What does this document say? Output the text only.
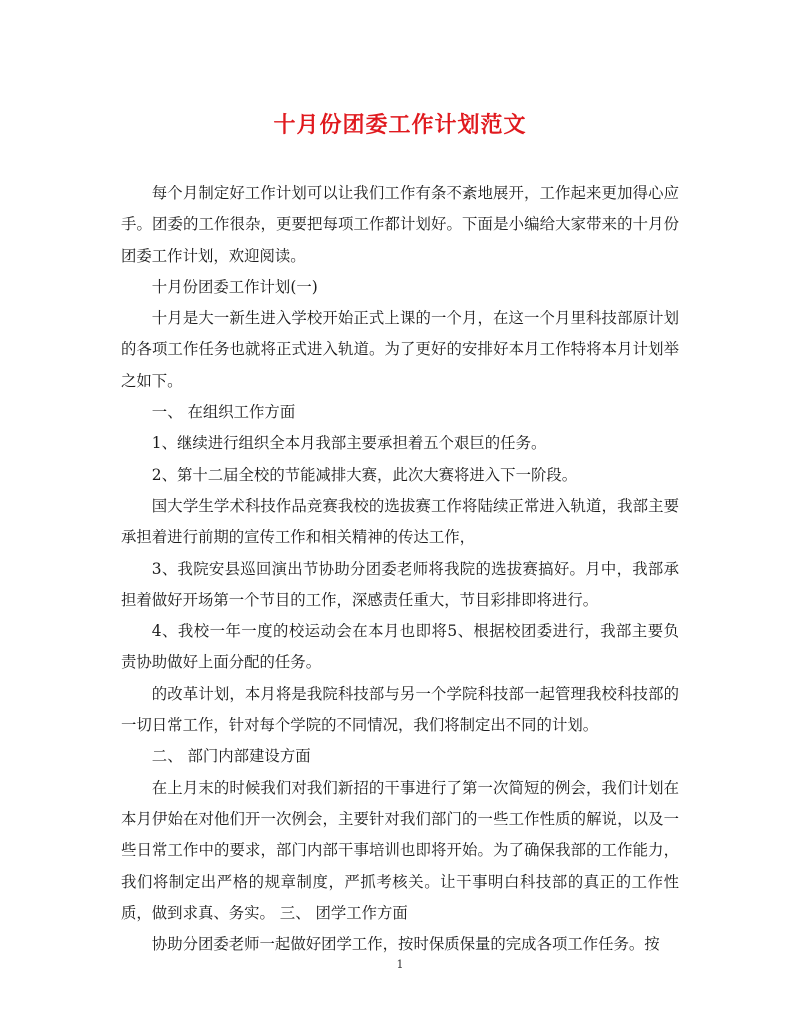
十月份团委工作计划范文

每个月制定好工作计划可以让我们工作有条不紊地展开，工作起来更加得心应手。团委的工作很杂，更要把每项工作都计划好。下面是小编给大家带来的十月份团委工作计划，欢迎阅读。

十月份团委工作计划(一)

十月是大一新生进入学校开始正式上课的一个月，在这一个月里科技部原计划的各项工作任务也就将正式进入轨道。为了更好的安排好本月工作特将本月计划举之如下。

一、 在组织工作方面

1、继续进行组织全本月我部主要承担着五个艰巨的任务。

2、第十二届全校的节能减排大赛，此次大赛将进入下一阶段。

国大学生学术科技作品竞赛我校的选拔赛工作将陆续正常进入轨道，我部主要承担着进行前期的宣传工作和相关精神的传达工作，

3、我院安县巡回演出节协助分团委老师将我院的选拔赛搞好。月中，我部承担着做好开场第一个节目的工作，深感责任重大，节目彩排即将进行。

4、我校一年一度的校运动会在本月也即将5、根据校团委进行，我部主要负责协助做好上面分配的任务。

的改革计划，本月将是我院科技部与另一个学院科技部一起管理我校科技部的一切日常工作，针对每个学院的不同情况，我们将制定出不同的计划。

二、 部门内部建设方面

在上月末的时候我们对我们新招的干事进行了第一次简短的例会，我们计划在本月伊始在对他们开一次例会，主要针对我们部门的一些工作性质的解说，以及一些日常工作中的要求，部门内部干事培训也即将开始。为了确保我部的工作能力，我们将制定出严格的规章制度，严抓考核关。让干事明白科技部的真正的工作性质，做到求真、务实。 三、 团学工作方面

协助分团委老师一起做好团学工作，按时保质保量的完成各项工作任务。按

1
